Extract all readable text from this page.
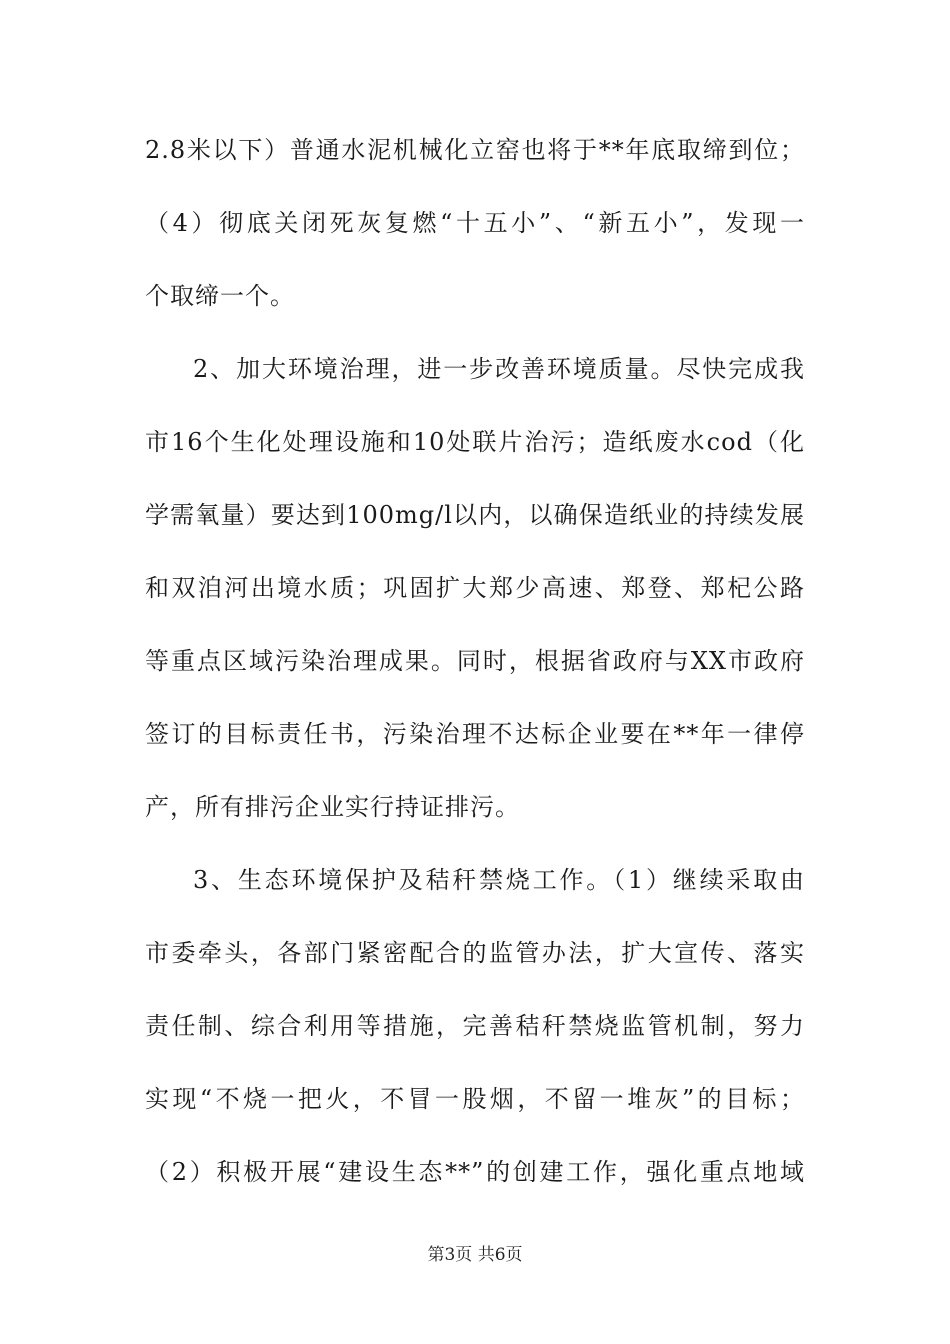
2.8米以下）普通水泥机械化立窑也将于**年底取缔到位；
（4）彻底关闭死灰复燃“十五小”、“新五小”，发现一
个取缔一个。
2、加大环境治理，进一步改善环境质量。尽快完成我
市16个生化处理设施和10处联片治污；造纸废水cod（化
学需氧量）要达到100mg/l以内，以确保造纸业的持续发展
和双洎河出境水质；巩固扩大郑少高速、郑登、郑杞公路
等重点区域污染治理成果。同时，根据省政府与XX市政府
签订的目标责任书，污染治理不达标企业要在**年一律停
产，所有排污企业实行持证排污。
3、生态环境保护及秸秆禁烧工作。（1）继续采取由
市委牵头，各部门紧密配合的监管办法，扩大宣传、落实
责任制、综合利用等措施，完善秸秆禁烧监管机制，努力
实现“不烧一把火，不冒一股烟，不留一堆灰”的目标；
（2）积极开展“建设生态**”的创建工作，强化重点地域
第3页 共6页
